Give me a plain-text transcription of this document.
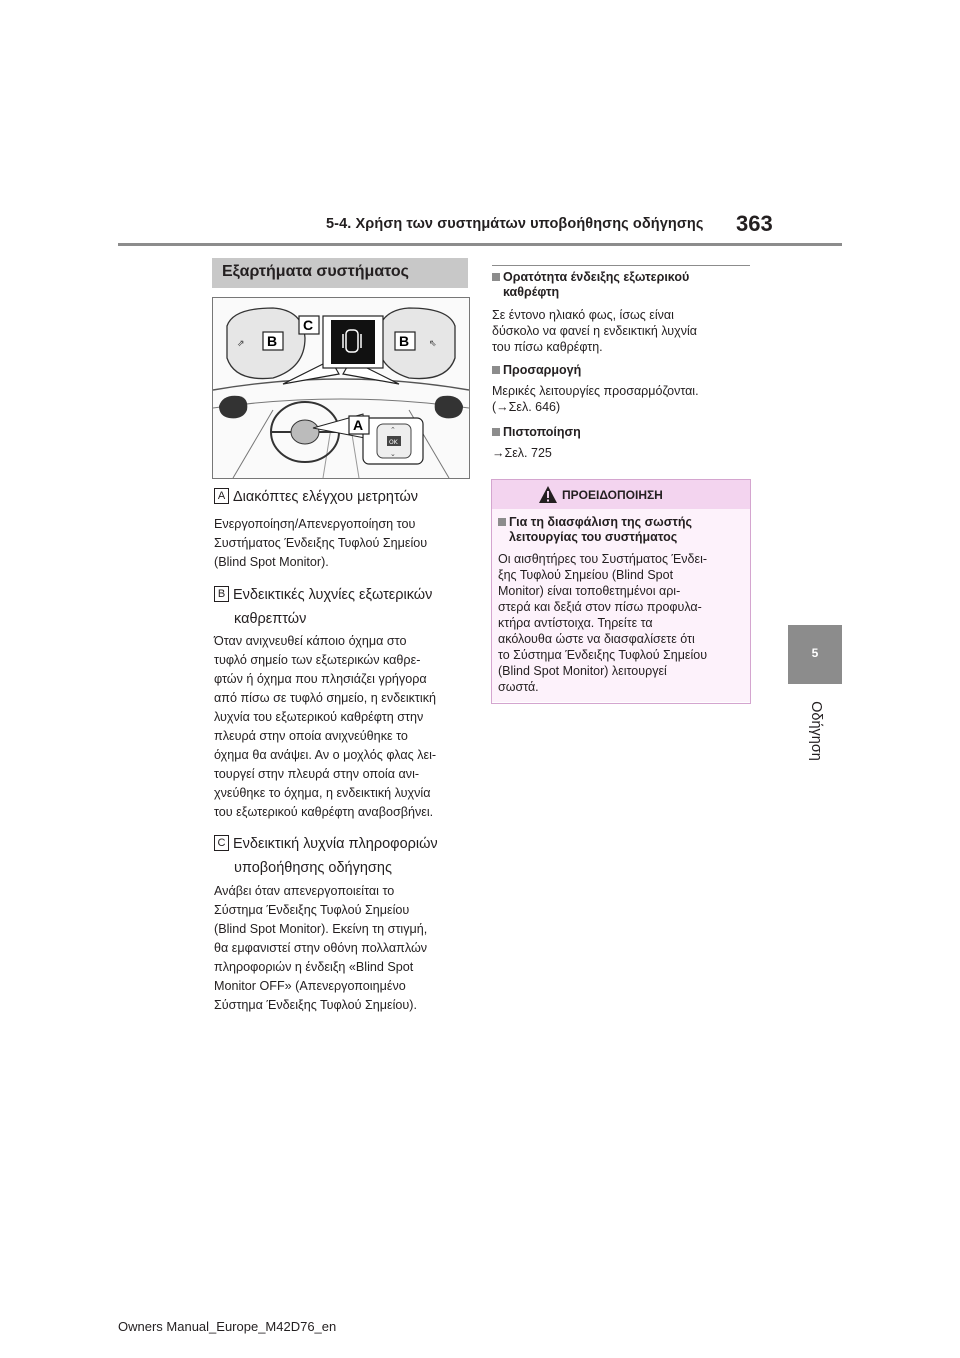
5-4. Χρήση των συστημάτων υποβοήθησης οδήγησης 363
5
Οδήγηση
Εξαρτήματα συστήματος
⇗	⇖
OK
⌃
⌄
B	B
C
A
A Διακόπτες ελέγχου μετρητών
Ενεργοποίηση/Απενεργοποίηση του
Συστήματος Ένδειξης Τυφλού Σημείου
(Blind Spot Monitor).
B Ενδεικτικές λυχνίες εξωτερικών
καθρεπτών
Όταν ανιχνευθεί κάποιο όχημα στο
τυφλό σημείο των εξωτερικών καθρε-
φτών ή όχημα που πλησιάζει γρήγορα
από πίσω σε τυφλό σημείο, η ενδεικτική
λυχνία του εξωτερικού καθρέφτη στην
πλευρά στην οποία ανιχνεύθηκε το
όχημα θα ανάψει. Αν ο μοχλός φλας λει-
τουργεί στην πλευρά στην οποία ανι-
χνεύθηκε το όχημα, η ενδεικτική λυχνία
του εξωτερικού καθρέφτη αναβοσβήνει.
C Ενδεικτική λυχνία πληροφοριών
υποβοήθησης οδήγησης
Ανάβει όταν απενεργοποιείται το
Σύστημα Ένδειξης Τυφλού Σημείου
(Blind Spot Monitor). Εκείνη τη στιγμή,
θα εμφανιστεί στην οθόνη πολλαπλών
πληροφοριών η ένδειξη «Blind Spot
Monitor OFF» (Απενεργοποιημένο
Σύστημα Ένδειξης Τυφλού Σημείου).
Ορατότητα ένδειξης εξωτερικού
καθρέφτη
Σε έντονο ηλιακό φως, ίσως είναι
δύσκολο να φανεί η ενδεικτική λυχνία
του πίσω καθρέφτη.
Προσαρμογή
Μερικές λειτουργίες προσαρμόζονται.
(→Σελ. 646)
Πιστοποίηση
→Σελ. 725
ΠΡΟΕΙΔΟΠΟΙΗΣΗ
Για τη διασφάλιση της σωστής
λειτουργίας του συστήματος
Οι αισθητήρες του Συστήματος Ένδει-
ξης Τυφλού Σημείου (Blind Spot
Monitor) είναι τοποθετημένοι αρι-
στερά και δεξιά στον πίσω προφυλα-
κτήρα αντίστοιχα. Τηρείτε τα
ακόλουθα ώστε να διασφαλίσετε ότι
το Σύστημα Ένδειξης Τυφλού Σημείου
(Blind Spot Monitor) λειτουργεί
σωστά.
Owners Manual_Europe_M42D76_en
